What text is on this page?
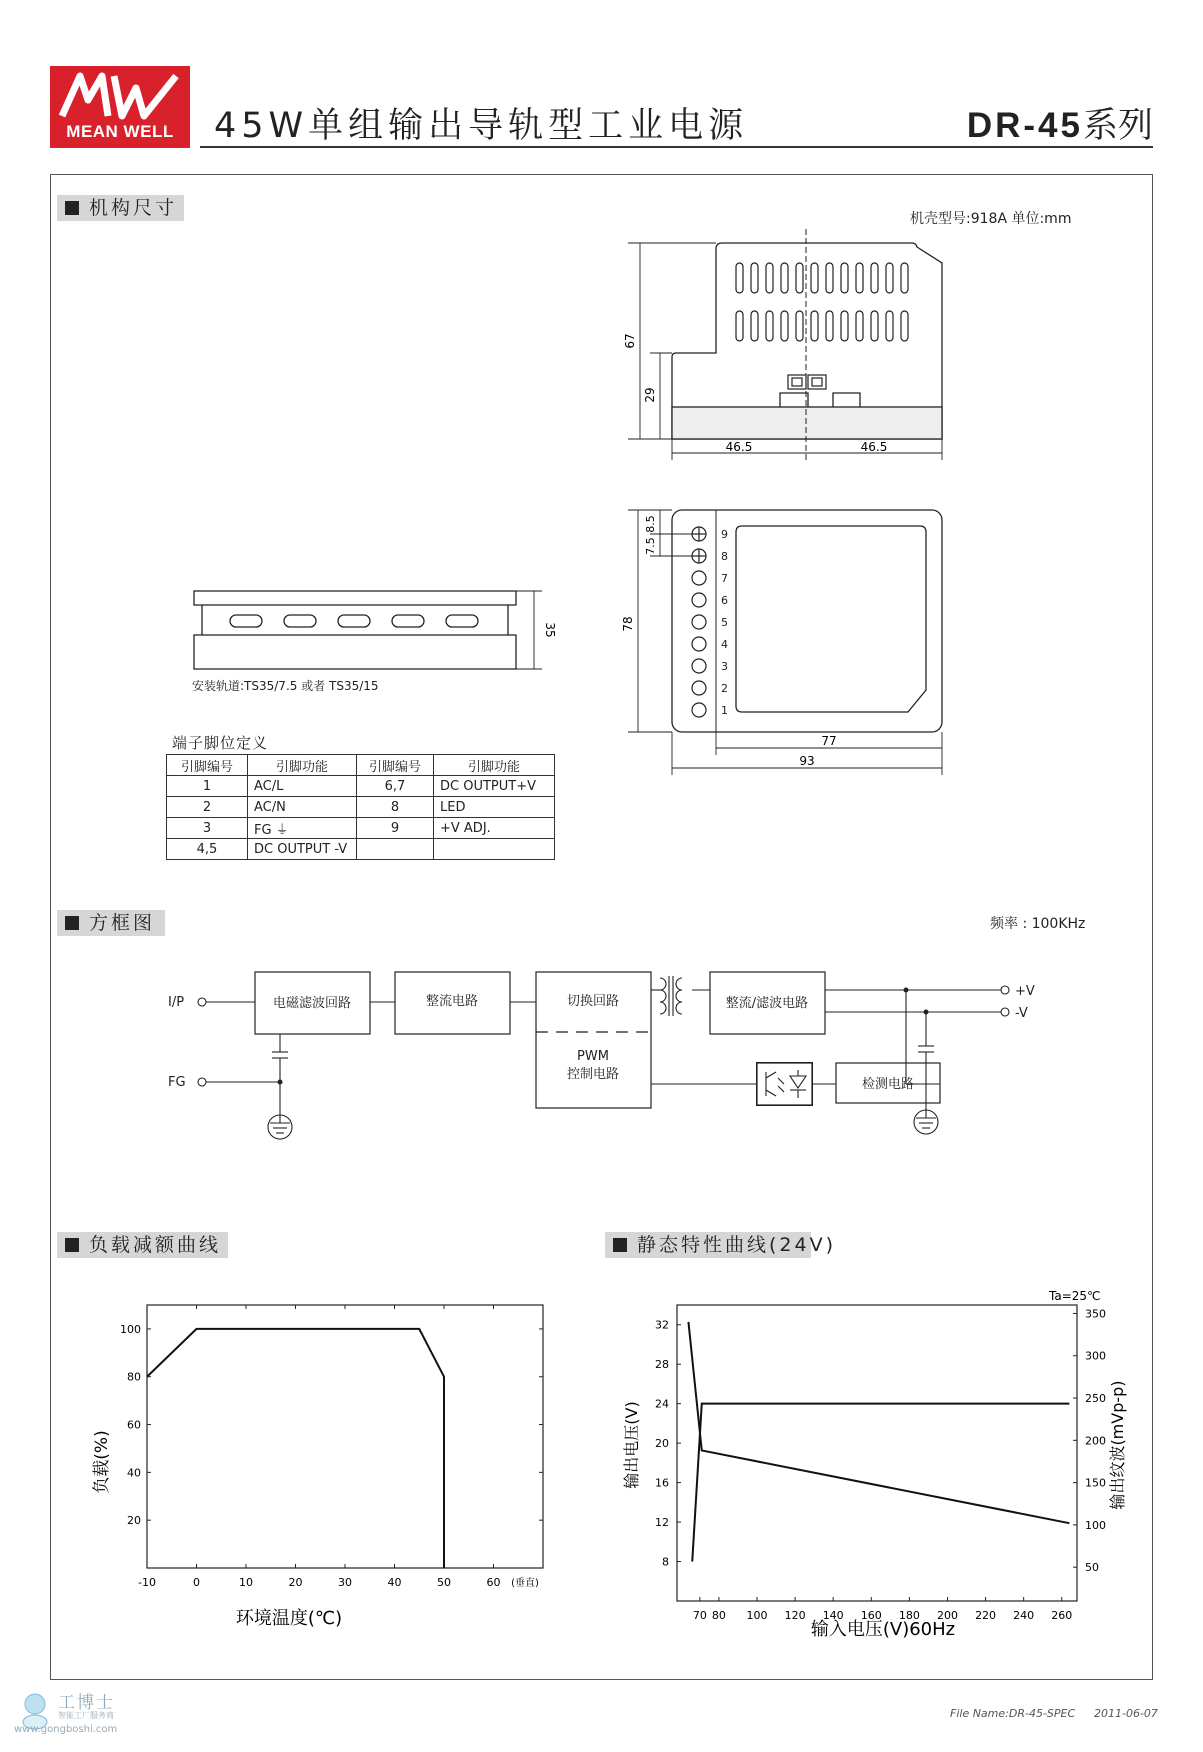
MEAN WELL	45W单组输出导轨型工业电源	DR-45系列
机构尺寸	机壳型号:918A 单位:mm
67
29
46.5	46.5
9
8
7
6
5
4
3
2
1
8.5
7.5
78
77
93
35
安装轨道:TS35/7.5 或者 TS35/15
端子脚位定义
引脚编号	引脚功能	引脚编号	引脚功能
1	AC/L	6,7	DC OUTPUT+V
2	AC/N	8	LED
3	FG ⏚	9	+V ADJ.
4,5	DC OUTPUT -V		
方框图	频率 : 100KHz
I/P
FG
电磁滤波回路	整流电路	切换回路
PWM
控制电路
整流/滤波电路
检测电路
+V
-V
负载减额曲线
负载(%)
环境温度(℃)
-10	0	10	20	30	40	50	60 (垂直)
20
40
60
80
100
静态特性曲线(24V)
Ta=25℃
输出电压(V)	输出纹波(mVp-p)
输入电压(V)60Hz
70 80 100 120 140 160 180 200 220 240 260
8
12
16
20
24
28
32
50
100
150
200
250
300
350
工博士
智能工厂服务商
www.gongboshi.com
File Name:DR-45-SPEC 2011-06-07
